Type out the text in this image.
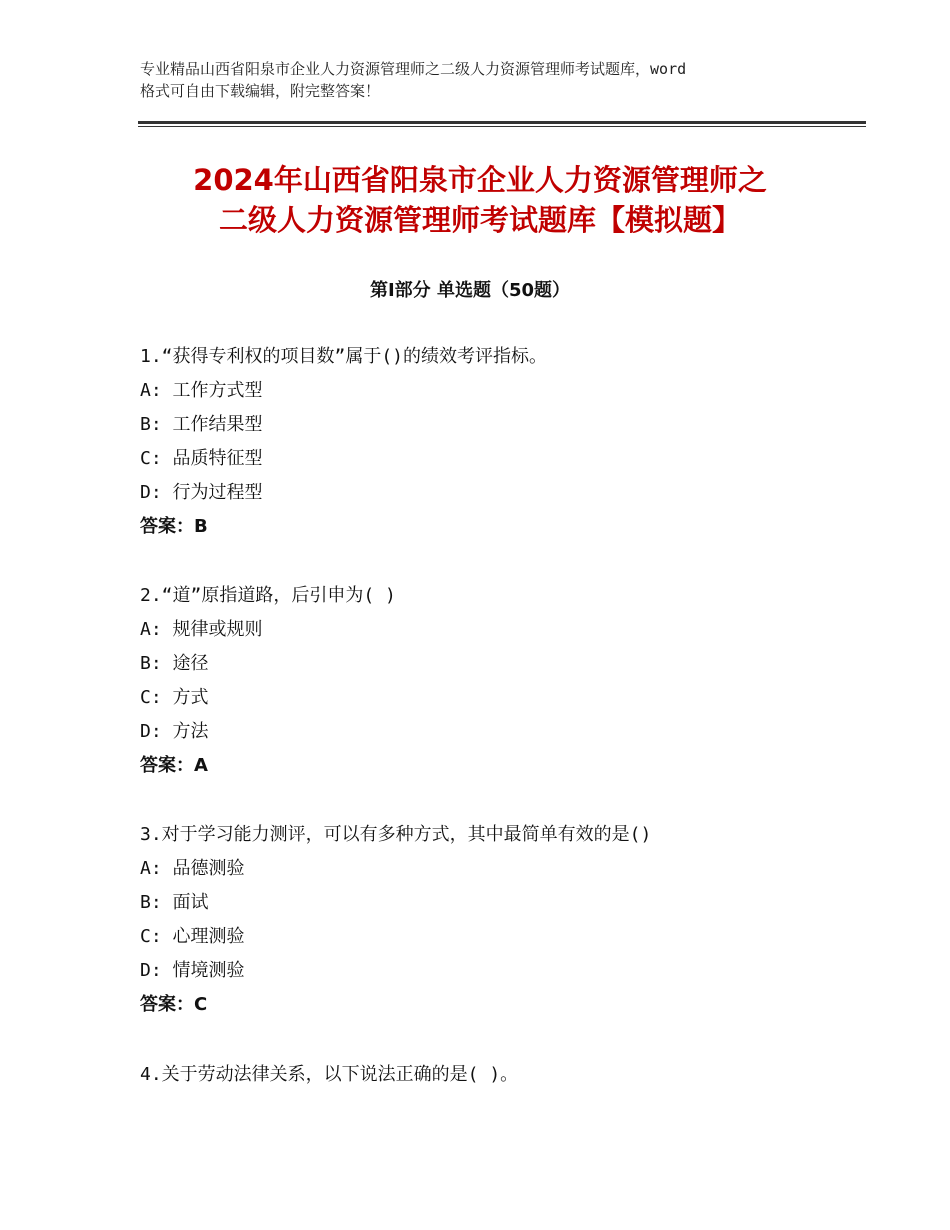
专业精品山西省阳泉市企业人力资源管理师之二级人力资源管理师考试题库，word
格式可自由下载编辑，附完整答案！
2024年山西省阳泉市企业人力资源管理师之
二级人力资源管理师考试题库【模拟题】
第Ⅰ部分 单选题（50题）
1.“获得专利权的项目数”属于()的绩效考评指标。
A: 工作方式型
B: 工作结果型
C: 品质特征型
D: 行为过程型
答案：B
2.“道”原指道路，后引申为( )
A: 规律或规则
B: 途径
C: 方式
D: 方法
答案：A
3.对于学习能力测评，可以有多种方式，其中最简单有效的是()
A: 品德测验
B: 面试
C: 心理测验
D: 情境测验
答案：C
4.关于劳动法律关系，以下说法正确的是( )。
